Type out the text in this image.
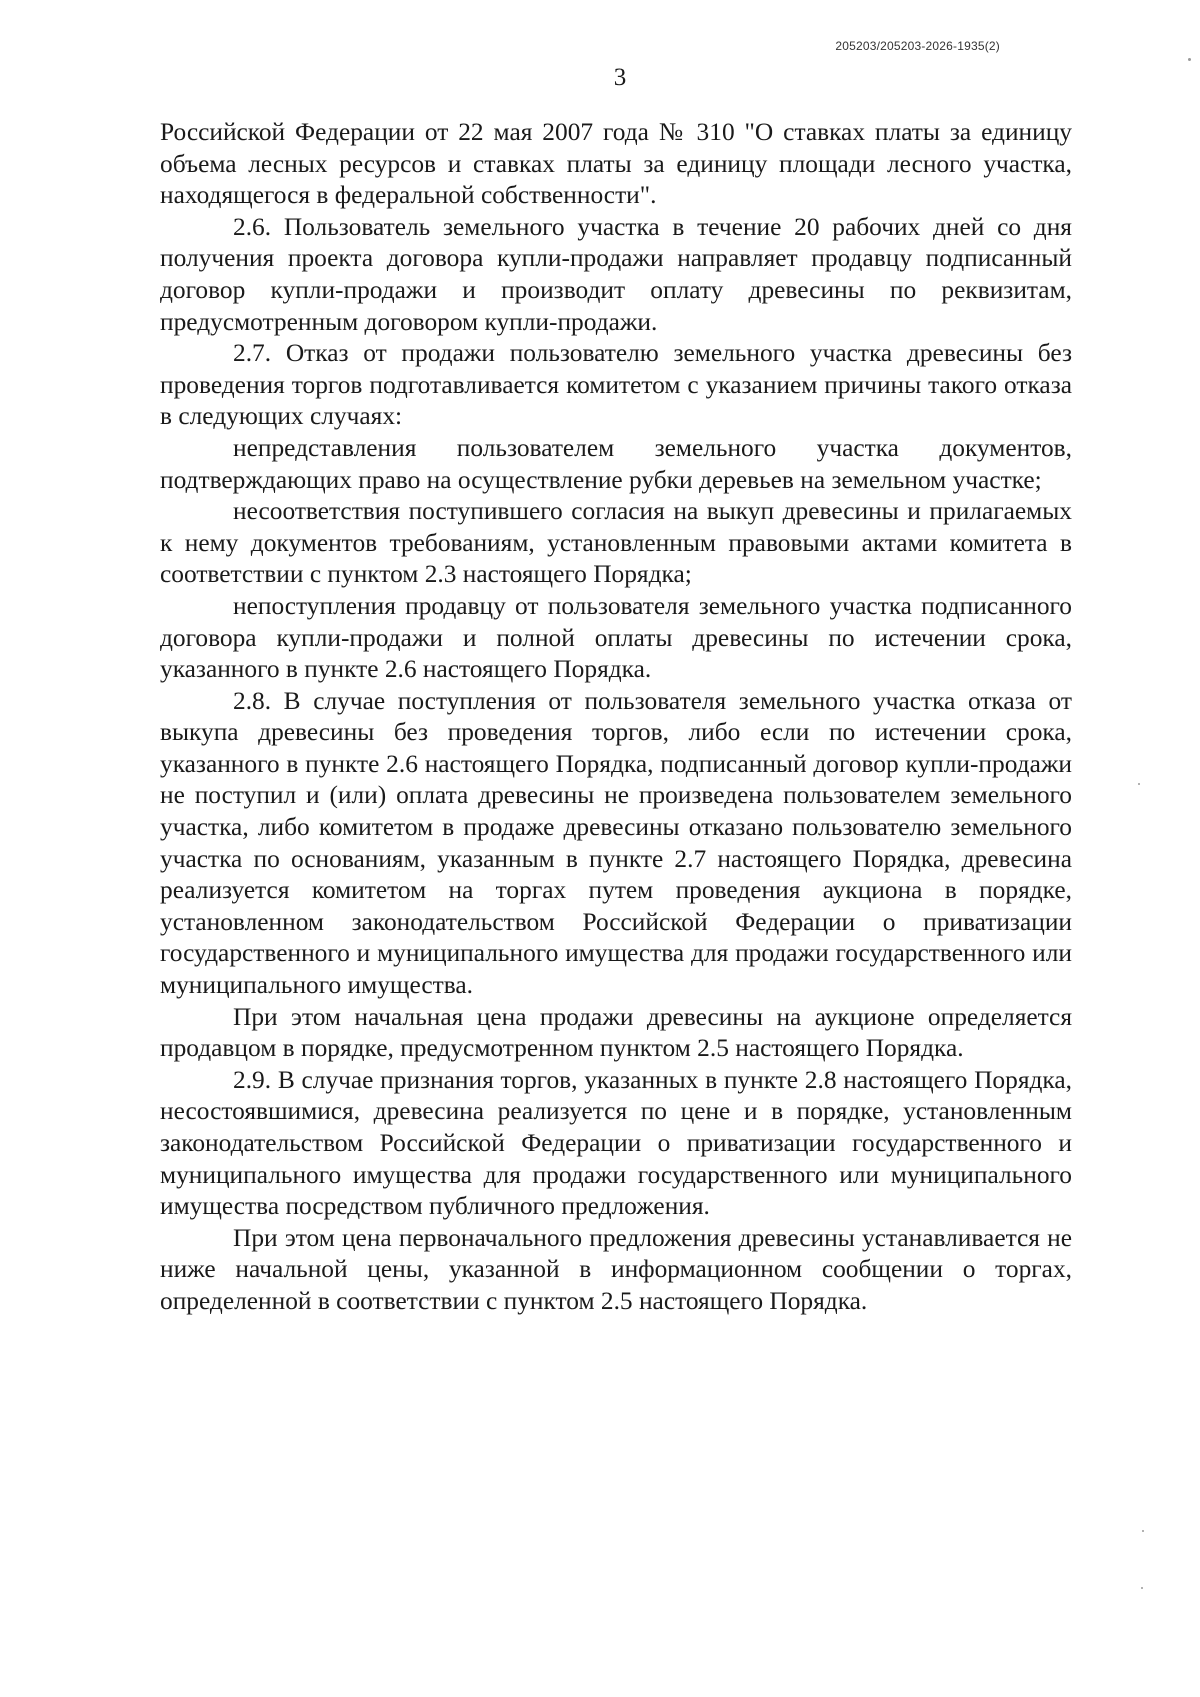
205203/205203-2026-1935(2)
3

Российской Федерации от 22 мая 2007 года № 310 "О ставках платы за единицу объема лесных ресурсов и ставках платы за единицу площади лесного участка, находящегося в федеральной собственности".

2.6. Пользователь земельного участка в течение 20 рабочих дней со дня получения проекта договора купли-продажи направляет продавцу подписанный договор купли-продажи и производит оплату древесины по реквизитам, предусмотренным договором купли-продажи.

2.7. Отказ от продажи пользователю земельного участка древесины без проведения торгов подготавливается комитетом с указанием причины такого отказа в следующих случаях:

непредставления пользователем земельного участка документов, подтверждающих право на осуществление рубки деревьев на земельном участке;

несоответствия поступившего согласия на выкуп древесины и прилагаемых к нему документов требованиям, установленным правовыми актами комитета в соответствии с пунктом 2.3 настоящего Порядка;

непоступления продавцу от пользователя земельного участка подписанного договора купли-продажи и полной оплаты древесины по истечении срока, указанного в пункте 2.6 настоящего Порядка.

2.8. В случае поступления от пользователя земельного участка отказа от выкупа древесины без проведения торгов, либо если по истечении срока, указанного в пункте 2.6 настоящего Порядка, подписанный договор купли-продажи не поступил и (или) оплата древесины не произведена пользователем земельного участка, либо комитетом в продаже древесины отказано пользователю земельного участка по основаниям, указанным в пункте 2.7 настоящего Порядка, древесина реализуется комитетом на торгах путем проведения аукциона в порядке, установленном законодательством Российской Федерации о приватизации государственного и муниципального имущества для продажи государственного или муниципального имущества.

При этом начальная цена продажи древесины на аукционе определяется продавцом в порядке, предусмотренном пунктом 2.5 настоящего Порядка.

2.9. В случае признания торгов, указанных в пункте 2.8 настоящего Порядка, несостоявшимися, древесина реализуется по цене и в порядке, установленным законодательством Российской Федерации о приватизации государственного и муниципального имущества для продажи государственного или муниципального имущества посредством публичного предложения.

При этом цена первоначального предложения древесины устанавливается не ниже начальной цены, указанной в информационном сообщении о торгах, определенной в соответствии с пунктом 2.5 настоящего Порядка.
